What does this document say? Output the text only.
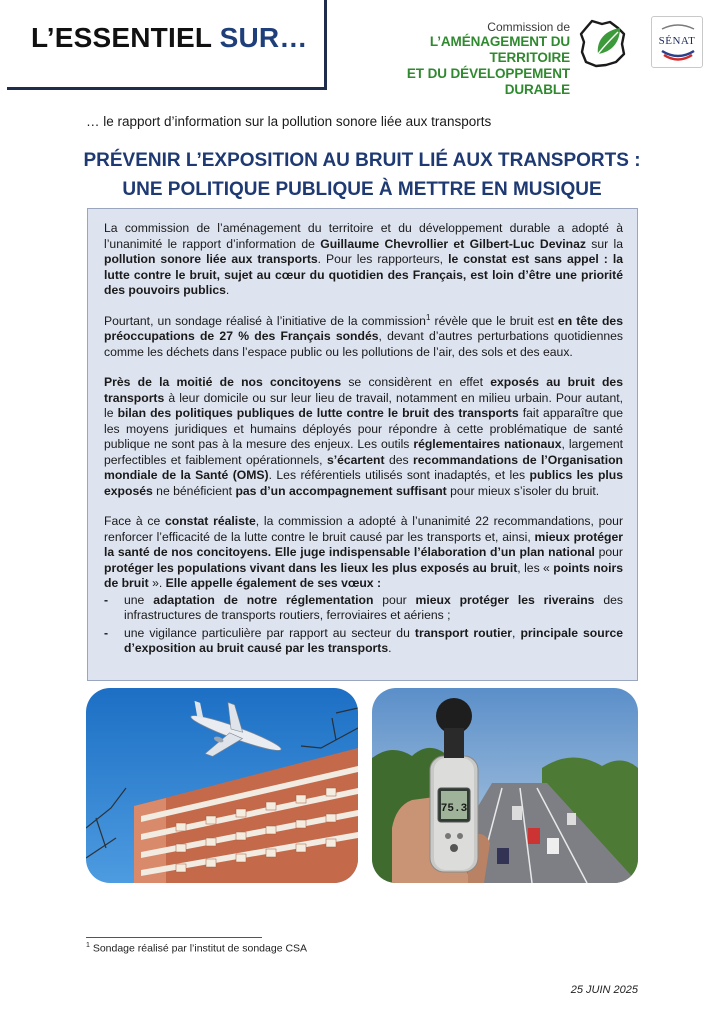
L’ESSENTIEL SUR…	Commission de
L’AMÉNAGEMENT DU TERRITOIRE
ET DU DÉVELOPPEMENT DURABLE
SÉNAT
… le rapport d’information sur la pollution sonore liée aux transports
PRÉVENIR L’EXPOSITION AU BRUIT LIÉ AUX TRANSPORTS :
UNE POLITIQUE PUBLIQUE À METTRE EN MUSIQUE

La commission de l’aménagement du territoire et du développement durable a adopté à l’unanimité le rapport d’information de Guillaume Chevrollier et Gilbert-Luc Devinaz sur la pollution sonore liée aux transports. Pour les rapporteurs, le constat est sans appel : la lutte contre le bruit, sujet au cœur du quotidien des Français, est loin d’être une priorité des pouvoirs publics.

Pourtant, un sondage réalisé à l’initiative de la commission$^1$ révèle que le bruit est en tête des préoccupations de 27 % des Français sondés, devant d’autres perturbations quotidiennes comme les déchets dans l’espace public ou les pollutions de l’air, des sols et des eaux.

Près de la moitié de nos concitoyens se considèrent en effet exposés au bruit des transports à leur domicile ou sur leur lieu de travail, notamment en milieu urbain. Pour autant, le bilan des politiques publiques de lutte contre le bruit des transports fait apparaître que les moyens juridiques et humains déployés pour répondre à cette problématique de santé publique ne sont pas à la mesure des enjeux. Les outils réglementaires nationaux, largement perfectibles et faiblement opérationnels, s’écartent des recommandations de l’Organisation mondiale de la Santé (OMS). Les référentiels utilisés sont inadaptés, et les publics les plus exposés ne bénéficient pas d’un accompagnement suffisant pour mieux s’isoler du bruit.

Face à ce constat réaliste, la commission a adopté à l’unanimité 22 recommandations, pour renforcer l’efficacité de la lutte contre le bruit causé par les transports et, ainsi, mieux protéger la santé de nos concitoyens. Elle juge indispensable l’élaboration d’un plan national pour protéger les populations vivant dans les lieux les plus exposés au bruit, les « points noirs de bruit ». Elle appelle également de ses vœux :

- une adaptation de notre réglementation pour mieux protéger les riverains des infrastructures de transports routiers, ferroviaires et aériens ;
- une vigilance particulière par rapport au secteur du transport routier, principale source d’exposition au bruit causé par les transports.
75.3
$^1$ Sondage réalisé par l’institut de sondage CSA
25 JUIN 2025
